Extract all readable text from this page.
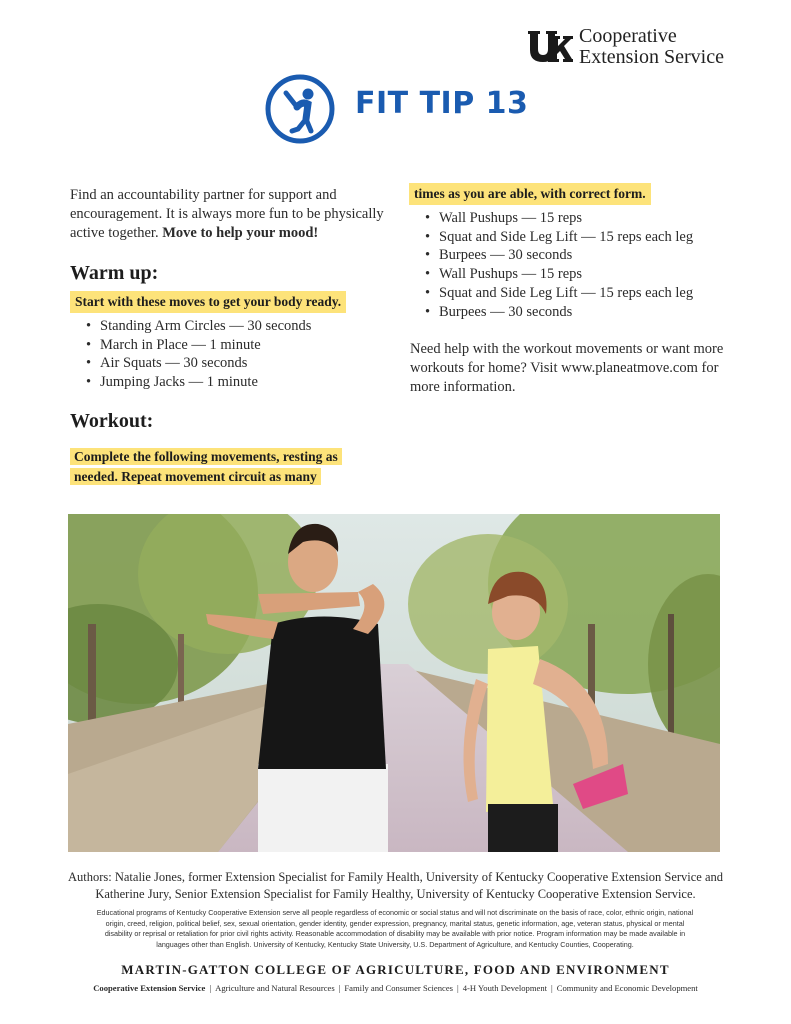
Cooperative
Extension Service
FIT TIP 13
Find an accountability partner for support and encouragement. It is always more fun to be physically active together. Move to help your mood!
Warm up:
Start with these moves to get your body ready.
• Standing Arm Circles — 30 seconds
• March in Place — 1 minute
• Air Squats — 30 seconds
• Jumping Jacks — 1 minute
Workout:
Complete the following movements, resting as needed. Repeat movement circuit as many
times as you are able, with correct form.
• Wall Pushups — 15 reps
• Squat and Side Leg Lift — 15 reps each leg
• Burpees — 30 seconds
• Wall Pushups — 15 reps
• Squat and Side Leg Lift — 15 reps each leg
• Burpees — 30 seconds
Need help with the workout movements or want more workouts for home? Visit www.planeatmove.com for more information.
Authors: Natalie Jones, former Extension Specialist for Family Health, University of Kentucky Cooperative Extension Service and
Katherine Jury, Senior Extension Specialist for Family Healthy, University of Kentucky Cooperative Extension Service.
Educational programs of Kentucky Cooperative Extension serve all people regardless of economic or social status and will not discriminate on the basis of race, color, ethnic origin, national origin, creed, religion, political belief, sex, sexual orientation, gender identity, gender expression, pregnancy, marital status, genetic information, age, veteran status, physical or mental disability or reprisal or retaliation for prior civil rights activity. Reasonable accommodation of disability may be available with prior notice. Program information may be made available in languages other than English. University of Kentucky, Kentucky State University, U.S. Department of Agriculture, and Kentucky Counties, Cooperating.
MARTIN-GATTON COLLEGE OF AGRICULTURE, FOOD AND ENVIRONMENT
Cooperative Extension Service | Agriculture and Natural Resources | Family and Consumer Sciences | 4-H Youth Development | Community and Economic Development
